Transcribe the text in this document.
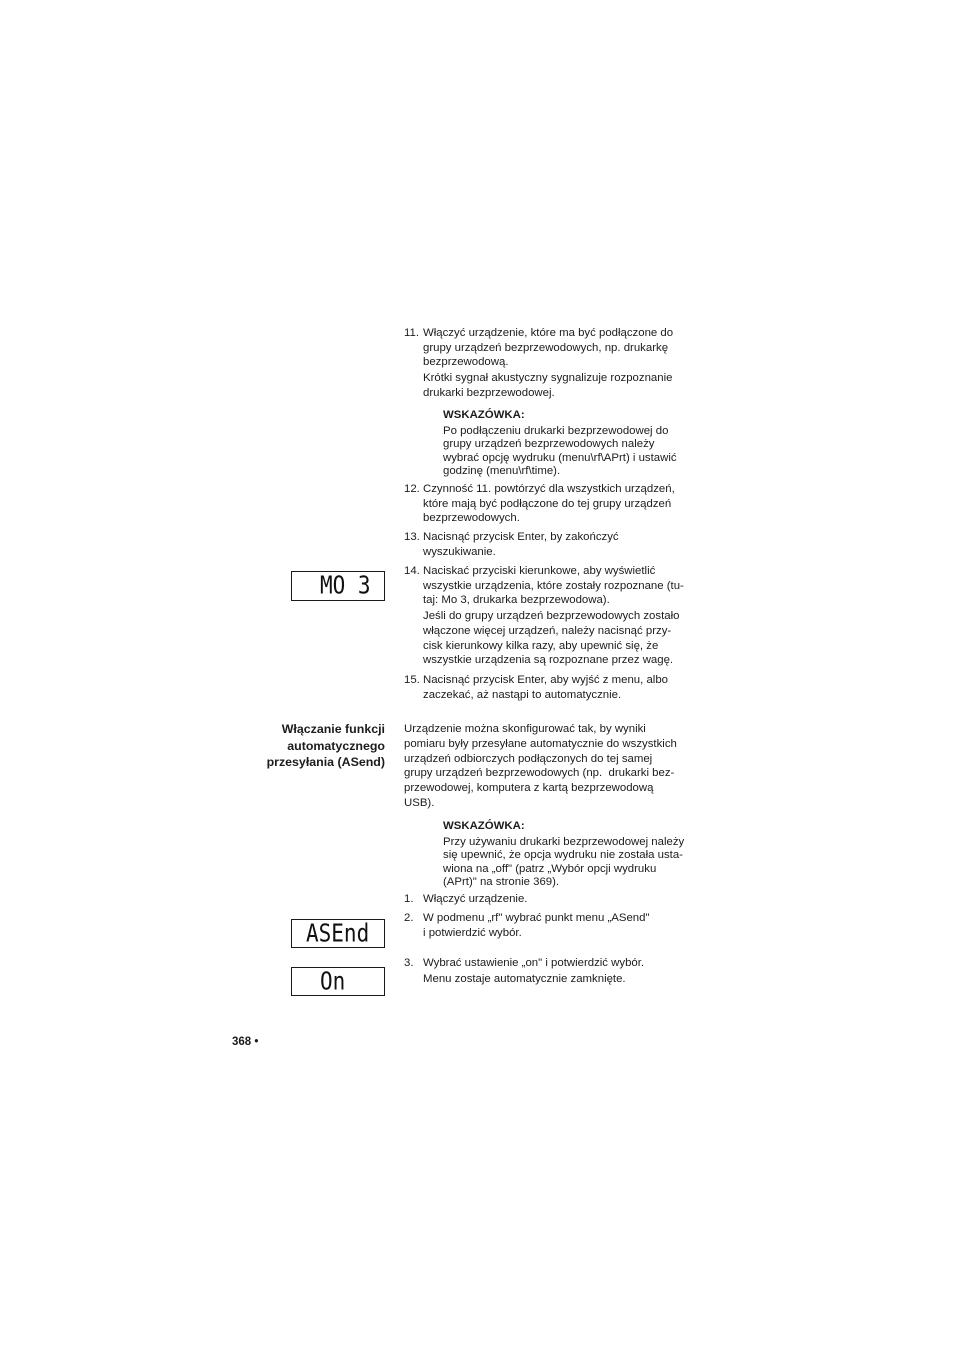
11. Włączyć urządzenie, które ma być podłączone do
grupy urządzeń bezprzewodowych, np. drukarkę
bezprzewodową.
Krótki sygnał akustyczny sygnalizuje rozpoznanie
drukarki bezprzewodowej.
WSKAZÓWKA:
Po podłączeniu drukarki bezprzewodowej do
grupy urządzeń bezprzewodowych należy
wybrać opcję wydruku (menu\rf\APrt) i ustawić
godzinę (menu\rf\time).
12. Czynność 11. powtórzyć dla wszystkich urządzeń,
które mają być podłączone do tej grupy urządzeń
bezprzewodowych.
13. Nacisnąć przycisk Enter, by zakończyć
wyszukiwanie.
MO 3	14. Naciskać przyciski kierunkowe, aby wyświetlić
wszystkie urządzenia, które zostały rozpoznane (tu-
taj: Mo 3, drukarka bezprzewodowa).
Jeśli do grupy urządzeń bezprzewodowych zostało
włączone więcej urządzeń, należy nacisnąć przy-
cisk kierunkowy kilka razy, aby upewnić się, że
wszystkie urządzenia są rozpoznane przez wagę.
15. Nacisnąć przycisk Enter, aby wyjść z menu, albo
zaczekać, aż nastąpi to automatycznie.
Włączanie funkcji
automatycznego
przesyłania (ASend)
Urządzenie można skonfigurować tak, by wyniki
pomiaru były przesyłane automatycznie do wszystkich
urządzeń odbiorczych podłączonych do tej samej
grupy urządzeń bezprzewodowych (np.  drukarki bez-
przewodowej, komputera z kartą bezprzewodową
USB).
WSKAZÓWKA:
Przy używaniu drukarki bezprzewodowej należy
się upewnić, że opcja wydruku nie została usta-
wiona na „off" (patrz „Wybór opcji wydruku
(APrt)" na stronie 369).
1. Włączyć urządzenie.
2. W podmenu „rf" wybrać punkt menu „ASend"
i potwierdzić wybór.
ASEnd
3. Wybrać ustawienie „on" i potwierdzić wybór.
Menu zostaje automatycznie zamknięte.
On
368 •
